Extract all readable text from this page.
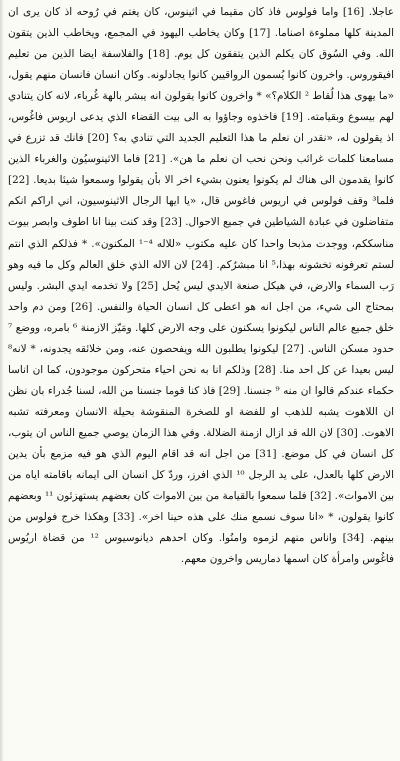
عاجلا. [16] واما فولوس فاذ كان مقيما في اثينوس، كان يغتم في رُوحه اذ كان يرى ان المدينة كلها مملوءة اصناما. [17] وكان يخاطب اليهود في المجمع، ويخاطب الذين يتقون الله. وفي السُوق كان يكلم الذين يتفقون كل يوم. [18] والفلاسفة ايضا الذين من تعليم افيقوروس. واخرون كانوا يُسمون الرواقيين كانوا يجادلونه. وكان انسان فانسان منهم يقول، «ما يهوى هذا لُقاط ² الكلام؟» * واخرون كانوا يقولون انه يبشر بالهة غُرباء، لانه كان يتنادي لهم بيسوع وبقيامته. [19] فاخذوه وجاؤوا به الى بيت القضاء الذي يدعى اريوس فاغُوس، اذ يقولون له، «نقدر ان نعلم ما هذا التعليم الجديد التي تنادي به؟ [20] فانك قد تزرع في مسامعنا كلمات غرائب ونحن نحب ان نعلم ما هن». [21] فاما الاثينوسيُون والغرباء الذين كانوا يقدمون الى هناك لم يكونوا يعنون بشيء اخر الا بأن يقولوا وسمعوا شيئا بديعا. [22] فلما³ وقف فولوس في اريوس فاغوس قال، «يا ايها الرجال الاثينوسيون، اني اراكم انكم متفاضلون في عبادة الشياطين في جميع الاحوال. [23] وقد كنت بينا انا اطوف وابصر بيوت مناسككم، ووجدت مذبحا واحدا كان عليه مكتوب «للاله ⁴⁻¹ المكنون». * فذلكم الذي انتم لستم تعرفونه تخشونه بهذا،⁵ انا مبشرُكم. [24] لان الاله الذي خلق العالم وكل ما فيه وهو رَب السماء والارض، في هيكل صنعة الايدي ليس يُحل [25] ولا تخدمه ايدي البشر. وليس بمحتاج الى شيء، من اجل انه هو اعطى كل انسان الحياة والنفس. [26] ومن دم واحد خلق جميع عالم الناس ليكونوا يسكنون على وجه الارض كلها. ومَيّز الازمنة ⁶ بامره، ووضع ⁷ حدود مسكن الناس. [27] ليكونوا يطلبون الله ويفحصون عنه، ومن خلائقه يجدونه، * لانه⁸ ليس بعيدا عن كل احد منا. [28] وذلكم انا به نحن احياء متحركون موجودون، كما ان اناسا حكماء عندكم قالوا ان منه ⁹ جنسنا. [29] فاذ كنا قوما جنسنا من الله، لسنا جُدراء بان نظن ان اللاهوت يشبه للذهب او للفضة او للصخرة المنقوشة بحيلة الانسان ومعرفته تشبه الاهوت. [30] لان الله قد ازال ازمنة الضلالة. وفي هذا الزمان يوصي جميع الناس ان يتوب، كل انسان في كل موضع. [31] من اجل انه قد اقام اليوم الذي هو فيه مزمع بأن يدين الارض كلها بالعدل، على يد الرجل ¹⁰ الذي افرز، وردّ كل انسان الى ايمانه باقامته اياه من بين الاموات». [32] فلما سمعوا بالقيامة من بين الاموات كان بعضهم يستهزئون ¹¹ وبعضهم كانوا يقولون، * «انا سوف نسمع منك على هذه حينا اخر». [33] وهكذا خرج فولوس من بينهم. [34] واناس منهم لزموه وامنُوا. وكان احدهم ديانوسيوس ¹² من قضاة اريُوس فاغُوس وامرأة كان اسمها دماريس واخرون معهم.
